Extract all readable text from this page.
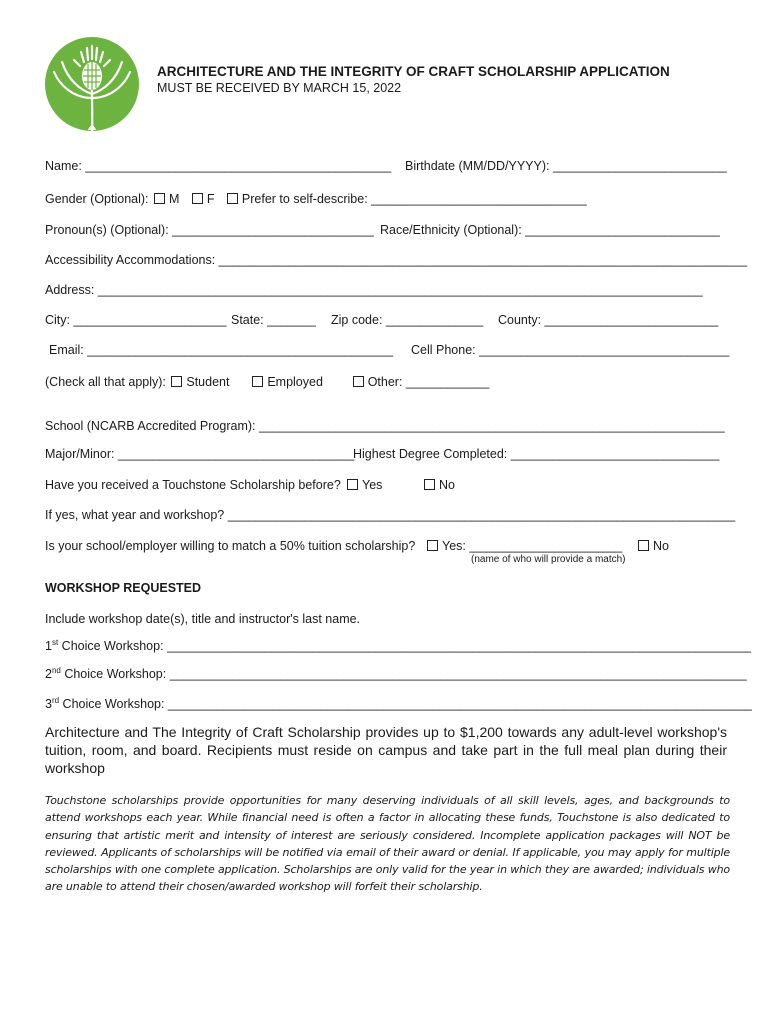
ARCHITECTURE AND THE INTEGRITY OF CRAFT SCHOLARSHIP APPLICATION
MUST BE RECEIVED BY MARCH 15, 2022
Name: ____________________________________________ Birthdate (MM/DD/YYYY): _________________________
Gender (Optional): M F Prefer to self-describe: _______________________________
Pronoun(s) (Optional): _____________________________ Race/Ethnicity (Optional): ____________________________
Accessibility Accommodations: ____________________________________________________________________________
Address: _______________________________________________________________________________________
City: ______________________ State: _______ Zip code: ______________ County: _________________________
Email: ____________________________________________ Cell Phone: ____________________________________
(Check all that apply): Student	Employed	Other: ____________
School (NCARB Accredited Program): ___________________________________________________________________
Major/Minor: __________________________________
Highest Degree Completed: ______________________________
Have you received a Touchstone Scholarship before?	Yes	No
If yes, what year and workshop? _________________________________________________________________________
Is your school/employer willing to match a 50% tuition scholarship?	Yes: ______________________	No
(name of who will provide a match)
WORKSHOP REQUESTED
Include workshop date(s), title and instructor's last name.
1st Choice Workshop: ____________________________________________________________________________________
2nd Choice Workshop: ___________________________________________________________________________________
3rd Choice Workshop: ____________________________________________________________________________________
Architecture and The Integrity of Craft Scholarship provides up to $1,200 towards any adult-level workshop's tuition, room, and board. Recipients must reside on campus and take part in the full meal plan during their workshop
Touchstone scholarships provide opportunities for many deserving individuals of all skill levels, ages, and backgrounds to attend workshops each year. While financial need is often a factor in allocating these funds, Touchstone is also dedicated to ensuring that artistic merit and intensity of interest are seriously considered. Incomplete application packages will NOT be reviewed. Applicants of scholarships will be notified via email of their award or denial. If applicable, you may apply for multiple scholarships with one complete application. Scholarships are only valid for the year in which they are awarded; individuals who are unable to attend their chosen/awarded workshop will forfeit their scholarship.
